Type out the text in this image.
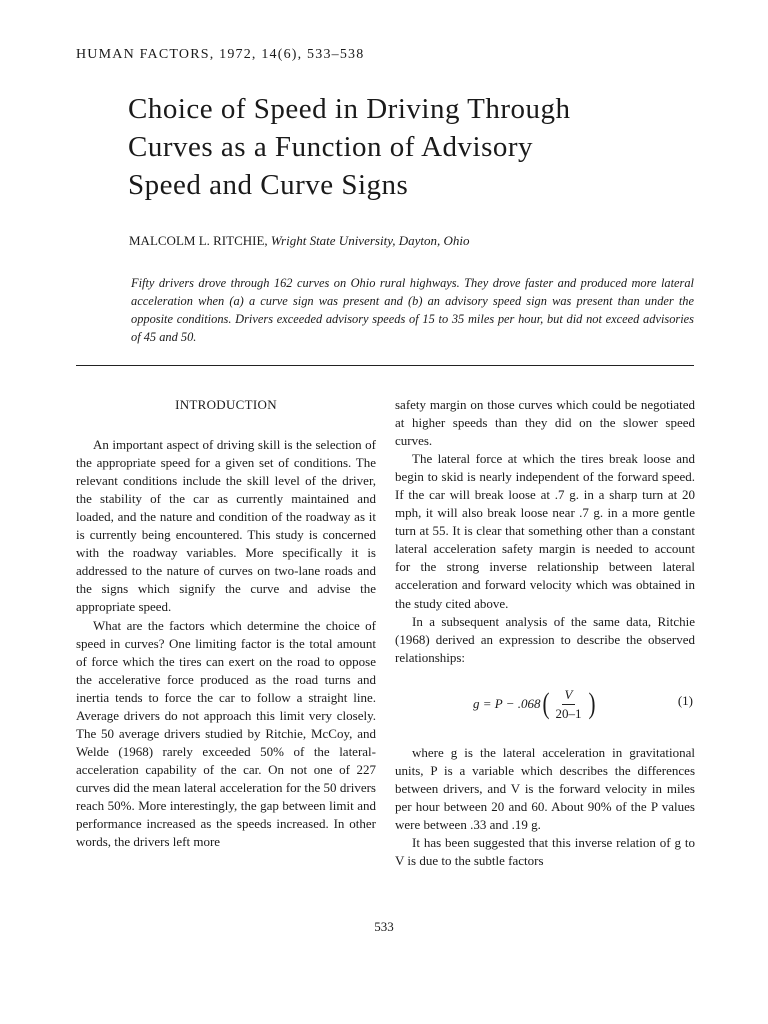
HUMAN FACTORS, 1972, 14(6), 533–538

Choice of Speed in Driving Through
Curves as a Function of Advisory
Speed and Curve Signs

MALCOLM L. RITCHIE, Wright State University, Dayton, Ohio

Fifty drivers drove through 162 curves on Ohio rural highways. They drove faster and produced more lateral acceleration when (a) a curve sign was present and (b) an advisory speed sign was present than under the opposite conditions. Drivers exceeded advisory speeds of 15 to 35 miles per hour, but did not exceed advisories of 45 and 50.

INTRODUCTION

An important aspect of driving skill is the selection of the appropriate speed for a given set of conditions. The relevant conditions include the skill level of the driver, the stability of the car as currently maintained and loaded, and the nature and condition of the roadway as it is currently being encountered. This study is concerned with the roadway variables. More specifically it is addressed to the nature of curves on two-lane roads and the signs which signify the curve and advise the appropriate speed.

What are the factors which determine the choice of speed in curves? One limiting factor is the total amount of force which the tires can exert on the road to oppose the accelerative force produced as the road turns and inertia tends to force the car to follow a straight line. Average drivers do not approach this limit very closely. The 50 average drivers studied by Ritchie, McCoy, and Welde (1968) rarely exceeded 50% of the lateral-acceleration capability of the car. On not one of 227 curves did the mean lateral acceleration for the 50 drivers reach 50%. More interestingly, the gap between limit and performance increased as the speeds increased. In other words, the drivers left more

safety margin on those curves which could be negotiated at higher speeds than they did on the slower speed curves.

The lateral force at which the tires break loose and begin to skid is nearly independent of the forward speed. If the car will break loose at .7 g. in a sharp turn at 20 mph, it will also break loose near .7 g. in a more gentle turn at 55. It is clear that something other than a constant lateral acceleration safety margin is needed to account for the strong inverse relationship between lateral acceleration and forward velocity which was obtained in the study cited above.

In a subsequent analysis of the same data, Ritchie (1968) derived an expression to describe the observed relationships:

g = P − .068 ( $\frac{V}{20-1}$ )	(1)

where g is the lateral acceleration in gravitational units, P is a variable which describes the differences between drivers, and V is the forward velocity in miles per hour between 20 and 60. About 90% of the P values were between .33 and .19 g.

It has been suggested that this inverse relation of g to V is due to the subtle factors

533
